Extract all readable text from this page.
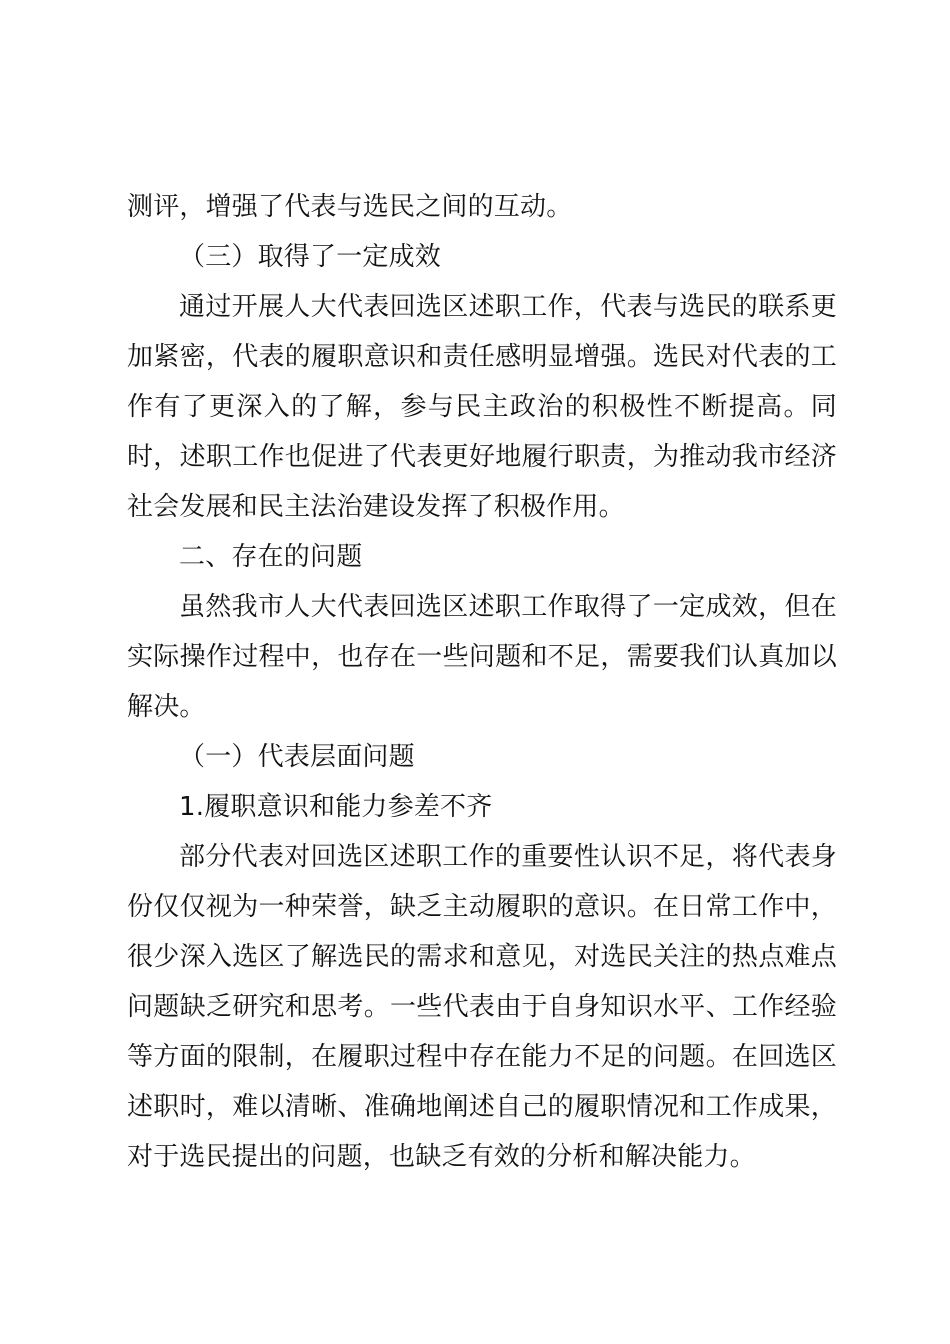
测评，增强了代表与选民之间的互动。

（三）取得了一定成效

通过开展人大代表回选区述职工作，代表与选民的联系更加紧密，代表的履职意识和责任感明显增强。选民对代表的工作有了更深入的了解，参与民主政治的积极性不断提高。同时，述职工作也促进了代表更好地履行职责，为推动我市经济社会发展和民主法治建设发挥了积极作用。

二、存在的问题

虽然我市人大代表回选区述职工作取得了一定成效，但在实际操作过程中，也存在一些问题和不足，需要我们认真加以解决。

（一）代表层面问题

1.履职意识和能力参差不齐

部分代表对回选区述职工作的重要性认识不足，将代表身份仅仅视为一种荣誉，缺乏主动履职的意识。在日常工作中，很少深入选区了解选民的需求和意见，对选民关注的热点难点问题缺乏研究和思考。一些代表由于自身知识水平、工作经验等方面的限制，在履职过程中存在能力不足的问题。在回选区述职时，难以清晰、准确地阐述自己的履职情况和工作成果，对于选民提出的问题，也缺乏有效的分析和解决能力。
